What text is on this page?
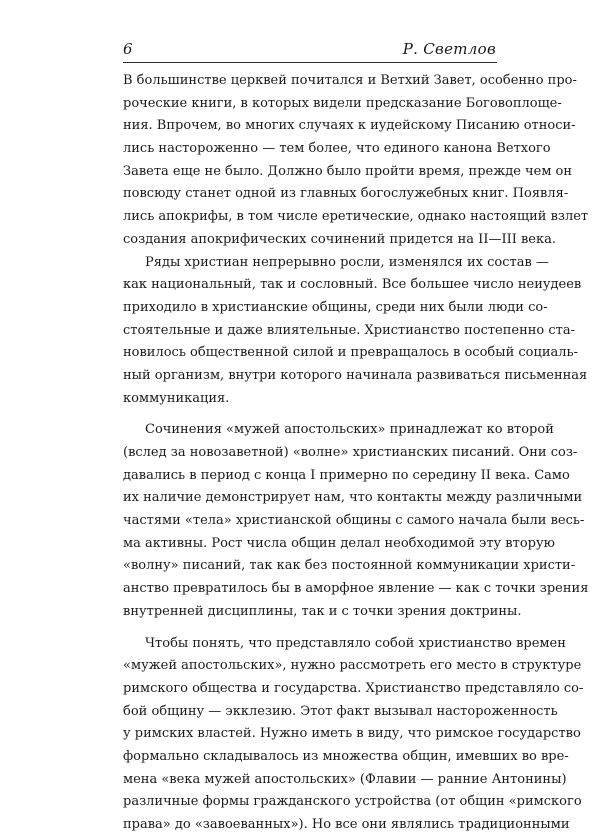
6	Р. Светлов
В большинстве церквей почитался и Ветхий Завет, особенно про-
роческие книги, в которых видели предсказание Боговоплоще-
ния. Впрочем, во многих случаях к иудейскому Писанию относи-
лись настороженно — тем более, что единого канона Ветхого
Завета еще не было. Должно было пройти время, прежде чем он
повсюду станет одной из главных богослужебных книг. Появля-
лись апокрифы, в том числе еретические, однако настоящий взлет
создания апокрифических сочинений придется на II—III века.
Ряды христиан непрерывно росли, изменялся их состав —
как национальный, так и сословный. Все большее число неиудеев
приходило в христианские общины, среди них были люди со-
стоятельные и даже влиятельные. Христианство постепенно ста-
новилось общественной силой и превращалось в особый социаль-
ный организм, внутри которого начинала развиваться письменная
коммуникация.
Сочинения «мужей апостольских» принадлежат ко второй
(вслед за новозаветной) «волне» христианских писаний. Они соз-
давались в период с конца I примерно по середину II века. Само
их наличие демонстрирует нам, что контакты между различными
частями «тела» христианской общины с самого начала были весь-
ма активны. Рост числа общин делал необходимой эту вторую
«волну» писаний, так как без постоянной коммуникации христи-
анство превратилось бы в аморфное явление — как с точки зрения
внутренней дисциплины, так и с точки зрения доктрины.
Чтобы понять, что представляло собой христианство времен
«мужей апостольских», нужно рассмотреть его место в структуре
римского общества и государства. Христианство представляло со-
бой общину — экклезию. Этот факт вызывал настороженность
у римских властей. Нужно иметь в виду, что римское государство
формально складывалось из множества общин, имевших во вре-
мена «века мужей апостольских» (Флавии — ранние Антонины)
различные формы гражданского устройства (от общин «римского
права» до «завоеванных»). Но все они являлись традиционными
